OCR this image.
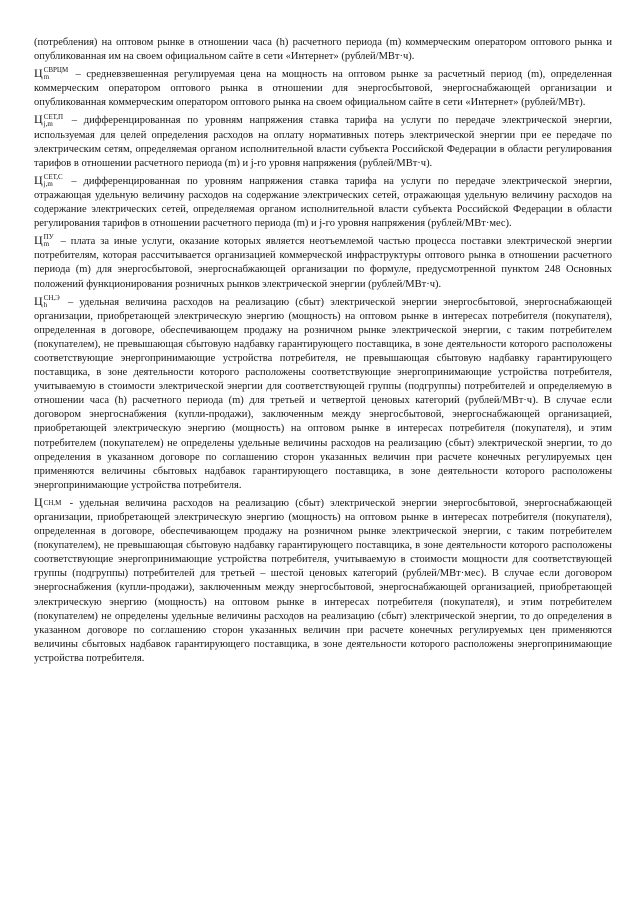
(потребления) на оптовом рынке в отношении часа (h) расчетного периода (m) коммерческим оператором оптового рынка и опубликованная им на своем официальном сайте в сети «Интернет» (рублей/МВт·ч).

Ц СВРЦМ
m	– средневзвешенная регулируемая цена на мощность на оптовом рынке за расчетный период (m), определенная коммерческим оператором оптового рынка в отношении для энергосбытовой, энергоснабжающей организации и опубликованная коммерческим оператором оптового рынка на своем официальном сайте в сети «Интернет» (рублей/МВт).

Ц СЕТ,П
j,m	– дифференцированная по уровням напряжения ставка тарифа на услуги по передаче электрической энергии, используемая для целей определения расходов на оплату нормативных потерь электрической энергии при ее передаче по электрическим сетям, определяемая органом исполнительной власти субъекта Российской Федерации в области регулирования тарифов в отношении расчетного периода (m) и j-го уровня напряжения (рублей/МВт·ч).

Ц СЕТ,С
j,m	– дифференцированная по уровням напряжения ставка тарифа на услуги по передаче электрической энергии, отражающая удельную величину расходов на содержание электрических сетей, отражающая удельную величину расходов на содержание электрических сетей, определяемая органом исполнительной власти субъекта Российской Федерации в области регулирования тарифов в отношении расчетного периода (m) и j-го уровня напряжения (рублей/МВт·мес).

Ц ПУ
m – плата за иные услуги, оказание которых является неотъемлемой частью процесса поставки электрической энергии потребителям, которая рассчитывается организацией коммерческой инфраструктуры оптового рынка в отношении расчетного периода (m) для энергосбытовой, энергоснабжающей организации по формуле, предусмотренной пунктом 248 Основных положений функционирования розничных рынков электрической энергии (рублей/МВт·ч).

Ц СН,Э
h	– удельная величина расходов на реализацию (сбыт) электрической энергии энергосбытовой, энергоснабжающей организации, приобретающей электрическую энергию (мощность) на оптовом рынке в интересах потребителя (покупателя), определенная в договоре, обеспечивающем продажу на розничном рынке электрической энергии, с таким потребителем (покупателем), не превышающая сбытовую надбавку гарантирующего поставщика, в зоне деятельности которого расположены соответствующие энергопринимающие устройства потребителя, не превышающая сбытовую надбавку гарантирующего поставщика, в зоне деятельности которого расположены соответствующие энергопринимающие устройства потребителя, учитываемую в стоимости электрической энергии для соответствующей группы (подгруппы) потребителей и определяемую в отношении часа (h) расчетного периода (m) для третьей и четвертой ценовых категорий (рублей/МВт·ч). В случае если договором энергоснабжения (купли-продажи), заключенным между энергосбытовой, энергоснабжающей организацией, приобретающей электрическую энергию (мощность) на оптовом рынке в интересах потребителя (покупателя), и этим потребителем (покупателем) не определены удельные величины расходов на реализацию (сбыт) электрической энергии, то до определения в указанном договоре по соглашению сторон указанных величин при расчете конечных регулируемых цен применяются величины сбытовых надбавок гарантирующего поставщика, в зоне деятельности которого расположены энергопринимающие устройства потребителя.

Ц СН,М - удельная величина расходов на реализацию (сбыт) электрической энергии энергосбытовой, энергоснабжающей организации, приобретающей электрическую энергию (мощность) на оптовом рынке в интересах потребителя (покупателя), определенная в договоре, обеспечивающем продажу на розничном рынке электрической энергии, с таким потребителем (покупателем), не превышающая сбытовую надбавку гарантирующего поставщика, в зоне деятельности которого расположены соответствующие энергопринимающие устройства потребителя, учитываемую в стоимости мощности для соответствующей группы (подгруппы) потребителей для третьей – шестой ценовых категорий (рублей/МВт·мес). В случае если договором энергоснабжения (купли-продажи), заключенным между энергосбытовой, энергоснабжающей организацией, приобретающей электрическую энергию (мощность) на оптовом рынке в интересах потребителя (покупателя), и этим потребителем (покупателем) не определены удельные величины расходов на реализацию (сбыт) электрической энергии, то до определения в указанном договоре по соглашению сторон указанных величин при расчете конечных регулируемых цен применяются величины сбытовых надбавок гарантирующего поставщика, в зоне деятельности которого расположены энергопринимающие устройства потребителя.
